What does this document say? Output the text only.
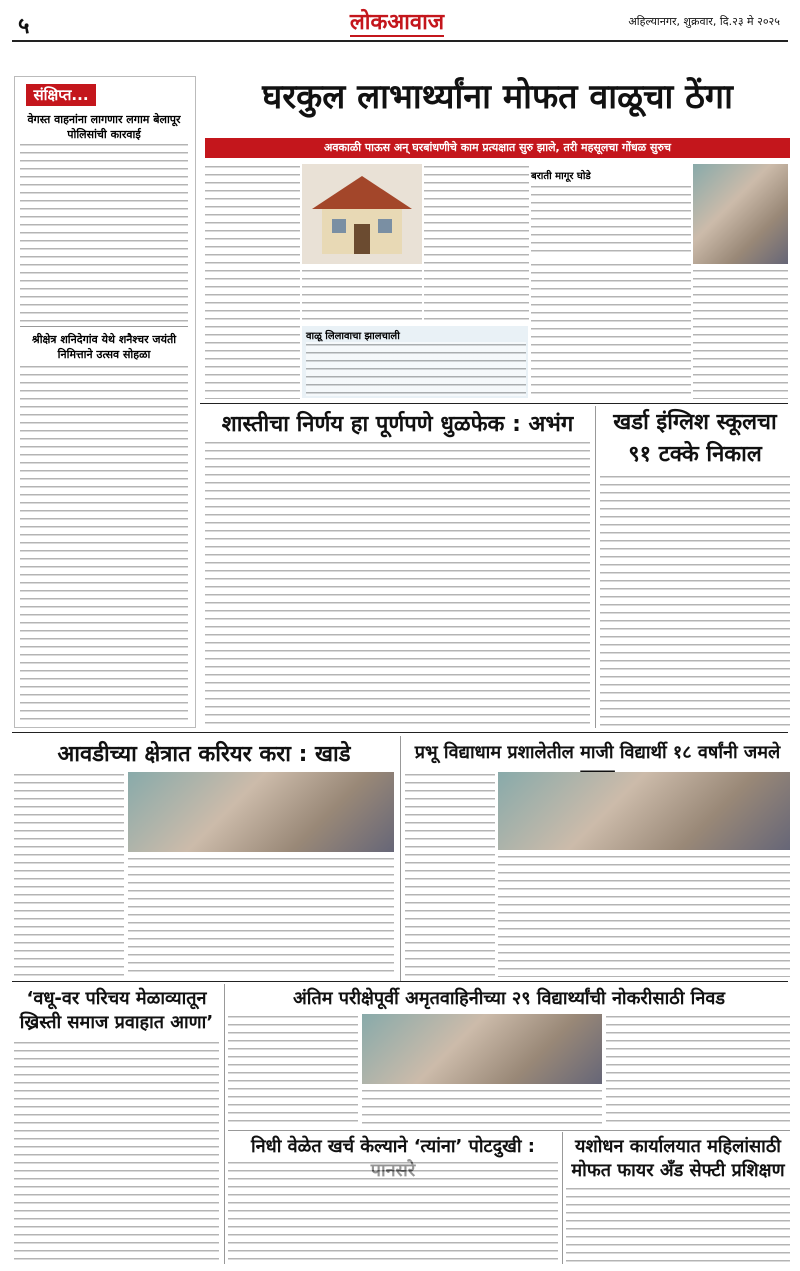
५	लोकआवाज	अहिल्यानगर, शुक्रवार, दि.२३ मे २०२५
संक्षिप्त...
वेगस्त वाहनांना लागणार लगाम बेलापूर पोलिसांची कारवाई
श्रीक्षेत्र शनिदेगांव येथे शनैश्चर जयंती निमित्ताने उत्सव सोहळा
घरकुल लाभार्थ्यांना मोफत वाळूचा ठेंगा
अवकाळी पाऊस अन् घरबांधणीचे काम प्रत्यक्षात सुरु झाले, तरी महसूलचा गोंधळ सुरुच
बराती मागूर घोडे
वाळू लिलावाचा झालचाली
शास्तीचा निर्णय हा पूर्णपणे धुळफेक : अभंग	खर्डा इंग्लिश स्कूलचा
९१ टक्के निकाल
आवडीच्या क्षेत्रात करियर करा : खाडे	प्रभू विद्याधाम प्रशालेतील माजी विद्यार्थी १८ वर्षांनी जमले
‘वधू-वर परिचय मेळाव्यातून
ख्रिस्ती समाज प्रवाहात आणा’
अंतिम परीक्षेपूर्वी अमृतवाहिनीच्या २९ विद्यार्थ्यांची नोकरीसाठी निवड
निधी वेळेत खर्च केल्याने ‘त्यांना’ पोटदुखी :	यशोधन कार्यालयात महिलांसाठी
मोफत फायर अँड सेफ्टी प्रशिक्षण
